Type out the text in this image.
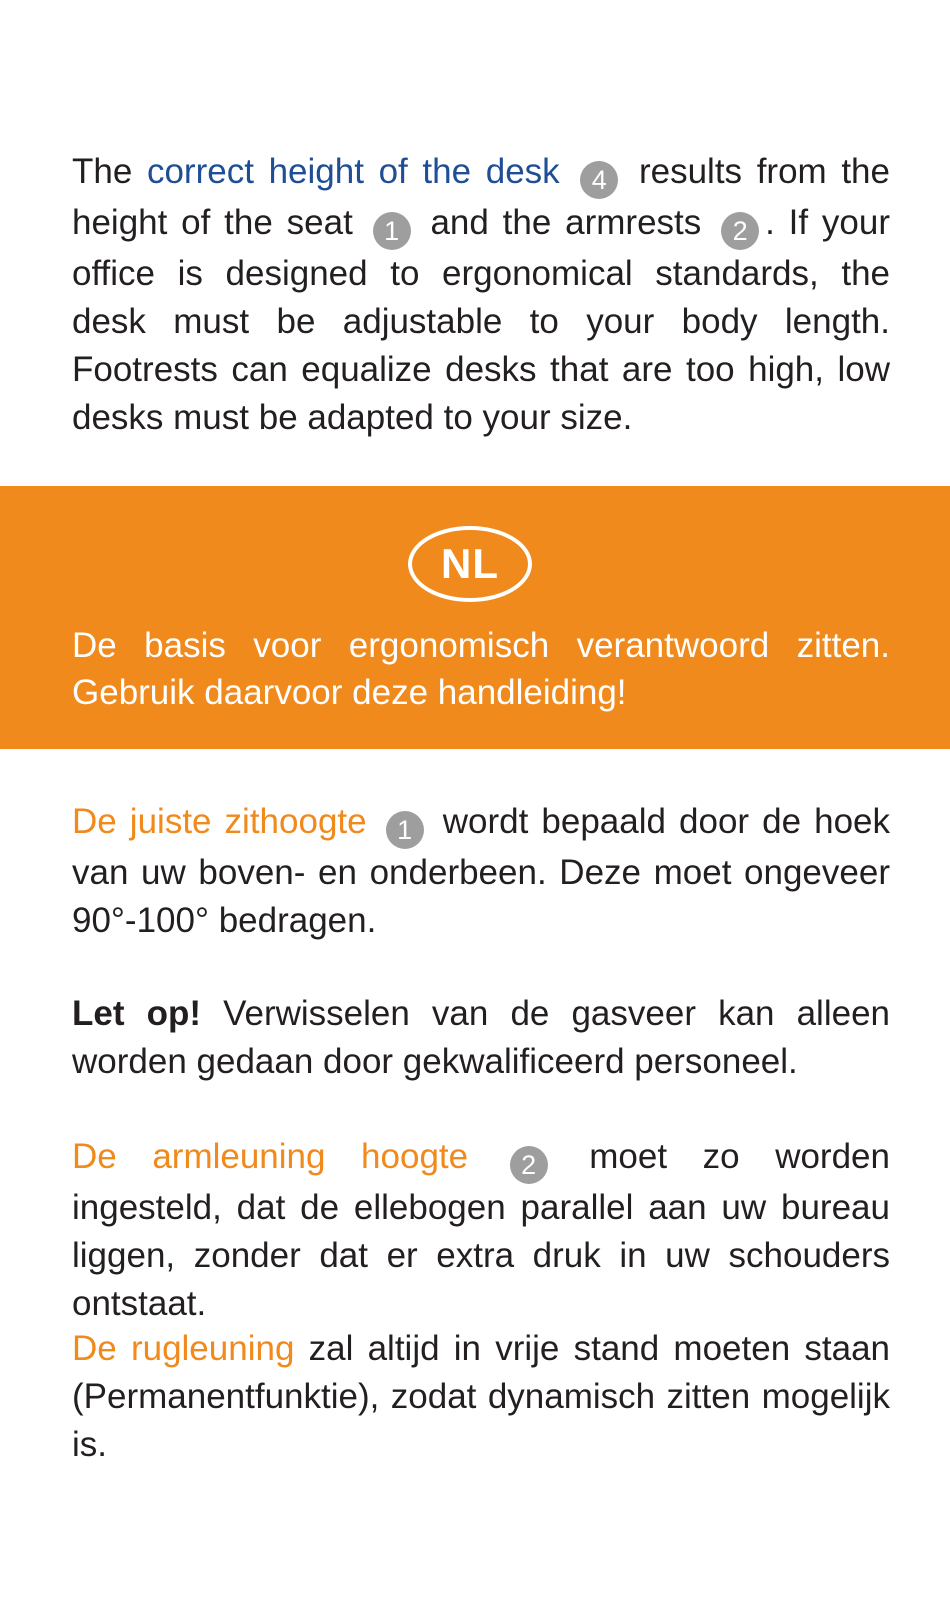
The correct height of the desk 4 results from the height of the seat 1 and the armrests 2 . If your office is designed to ergonomical standards, the desk must be adjustable to your body length. Footrests can equalize desks that are too high, low desks must be adapted to your size.

NL

De basis voor ergonomisch verantwoord zitten. Gebruik daarvoor deze handleiding!

De juiste zithoogte 1 wordt bepaald door de hoek van uw boven- en onderbeen. Deze moet ongeveer 90°-100° bedragen.

Let op! Verwisselen van de gasveer kan alleen worden gedaan door gekwalificeerd personeel.

De armleuning hoogte 2 moet zo worden ingesteld, dat de ellebogen parallel aan uw bureau liggen, zonder dat er extra druk in uw schouders ontstaat.

De rugleuning zal altijd in vrije stand moeten staan (Permanentfunktie), zodat dynamisch zitten mogelijk is.
